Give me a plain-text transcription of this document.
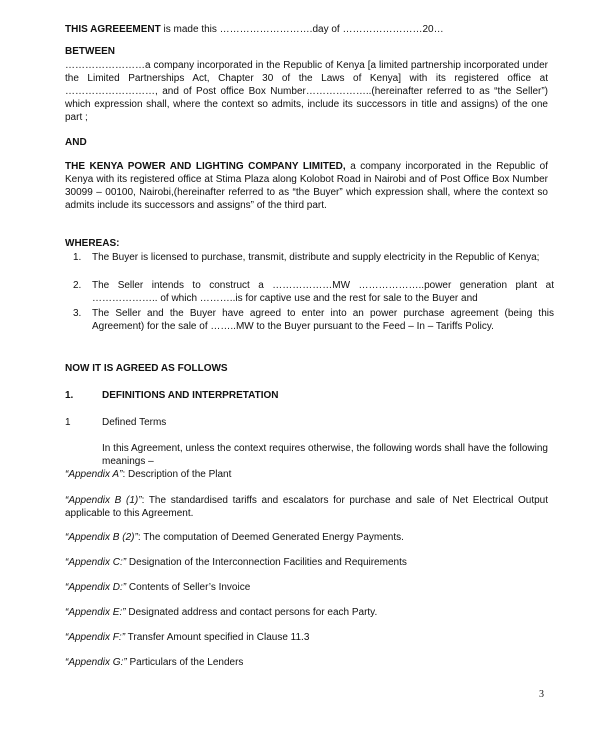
THIS AGREEEMENT is made this ……………………….day of ……………………20…

BETWEEN

……………………a company incorporated in the Republic of Kenya [a limited partnership incorporated under the Limited Partnerships Act, Chapter 30 of the Laws of Kenya] with its registered office at ………………………, and of Post office Box Number………………..(hereinafter referred to as “the Seller”) which expression shall, where the context so admits, include its successors in title and assigns) of the one part ;

AND

THE KENYA POWER AND LIGHTING COMPANY LIMITED, a company incorporated in the Republic of Kenya with its registered office at Stima Plaza along Kolobot Road in Nairobi and of Post Office Box Number 30099 – 00100, Nairobi,(hereinafter referred to as “the Buyer” which expression shall, where the context so admits include its successors and assigns” of the third part.

WHEREAS:

1. The Buyer is licensed to purchase, transmit, distribute and supply electricity in the Republic of Kenya;
2. The Seller intends to construct a ………………MW ………………..power generation plant at ……………….. of which ………..is for captive use and the rest for sale to the Buyer and
3. The Seller and the Buyer have agreed to enter into an power purchase agreement (being this Agreement) for the sale of ……..MW to the Buyer pursuant to the Feed – In – Tariffs Policy.

NOW IT IS AGREED AS FOLLOWS

1.	DEFINITIONS AND INTERPRETATION
1	Defined Terms

In this Agreement, unless the context requires otherwise, the following words shall have the following meanings –

“Appendix A”: Description of the Plant

“Appendix B (1)”: The standardised tariffs and escalators for purchase and sale of Net Electrical Output applicable to this Agreement.

“Appendix B (2)”: The computation of Deemed Generated Energy Payments.

“Appendix C:” Designation of the Interconnection Facilities and Requirements

“Appendix D:” Contents of Seller’s Invoice

“Appendix E:” Designated address and contact persons for each Party.

“Appendix F:” Transfer Amount specified in Clause 11.3

“Appendix G:” Particulars of the Lenders

3
